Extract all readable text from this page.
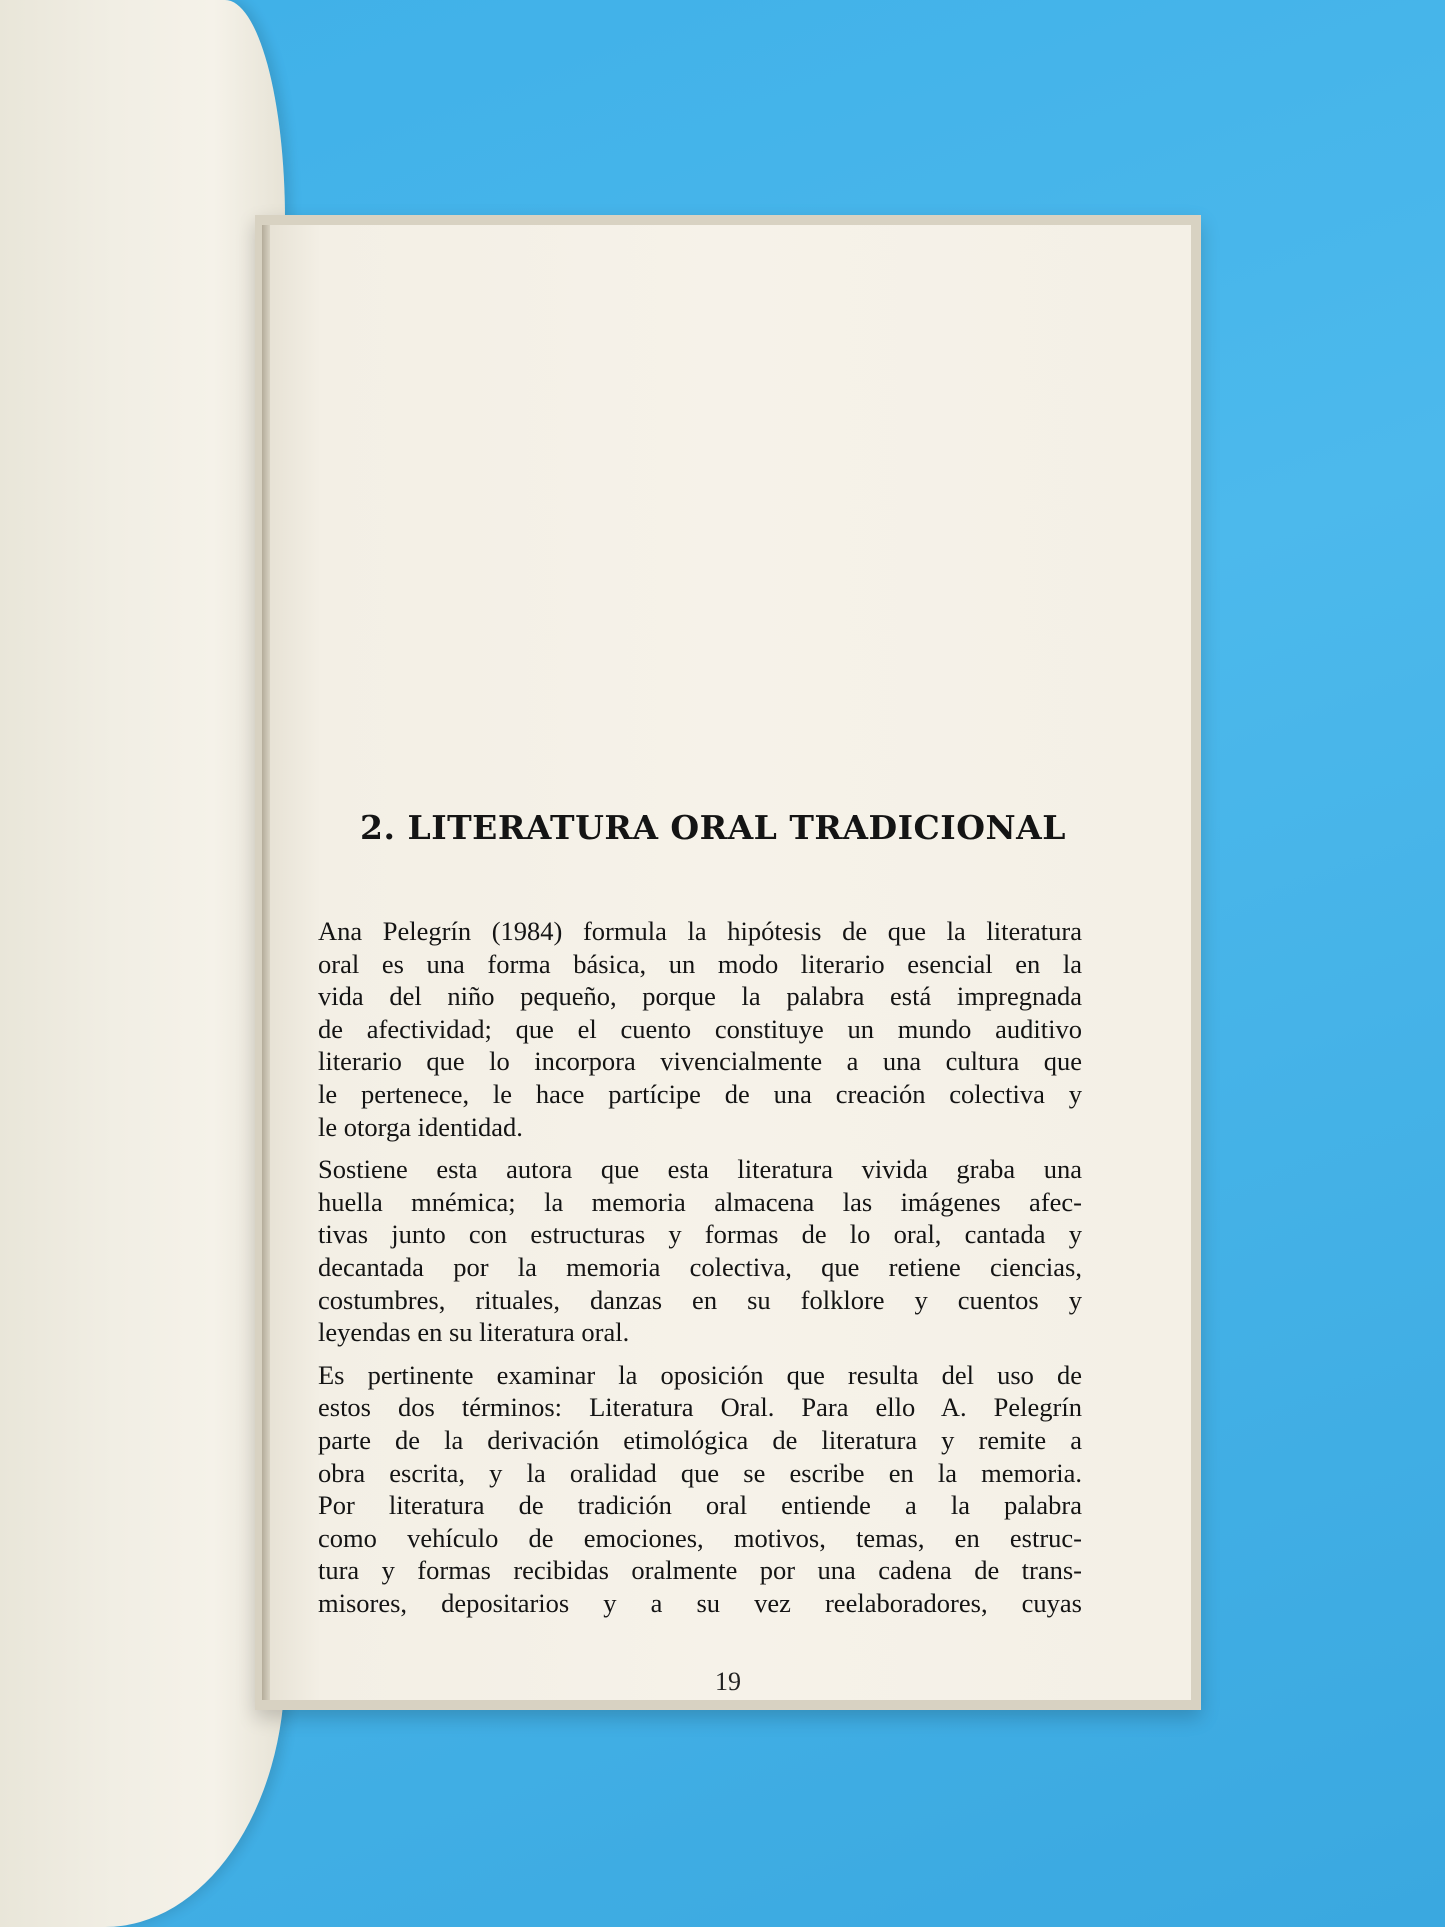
19
2. LITERATURA ORAL TRADICIONAL
Ana Pelegrín (1984) formula la hipótesis de que la literatura
oral es una forma básica, un modo literario esencial en la
vida del niño pequeño, porque la palabra está impregnada
de afectividad; que el cuento constituye un mundo auditivo
literario que lo incorpora vivencialmente a una cultura que
le pertenece, le hace partícipe de una creación colectiva y
le otorga identidad.
Sostiene esta autora que esta literatura vivida graba una
huella mnémica; la memoria almacena las imágenes afec-
tivas junto con estructuras y formas de lo oral, cantada y
decantada por la memoria colectiva, que retiene ciencias,
costumbres, rituales, danzas en su folklore y cuentos y
leyendas en su literatura oral.
Es pertinente examinar la oposición que resulta del uso de
estos dos términos: Literatura Oral. Para ello A. Pelegrín
parte de la derivación etimológica de literatura y remite a
obra escrita, y la oralidad que se escribe en la memoria.
Por literatura de tradición oral entiende a la palabra
como vehículo de emociones, motivos, temas, en estruc-
tura y formas recibidas oralmente por una cadena de trans-
misores, depositarios y a su vez reelaboradores, cuyas
